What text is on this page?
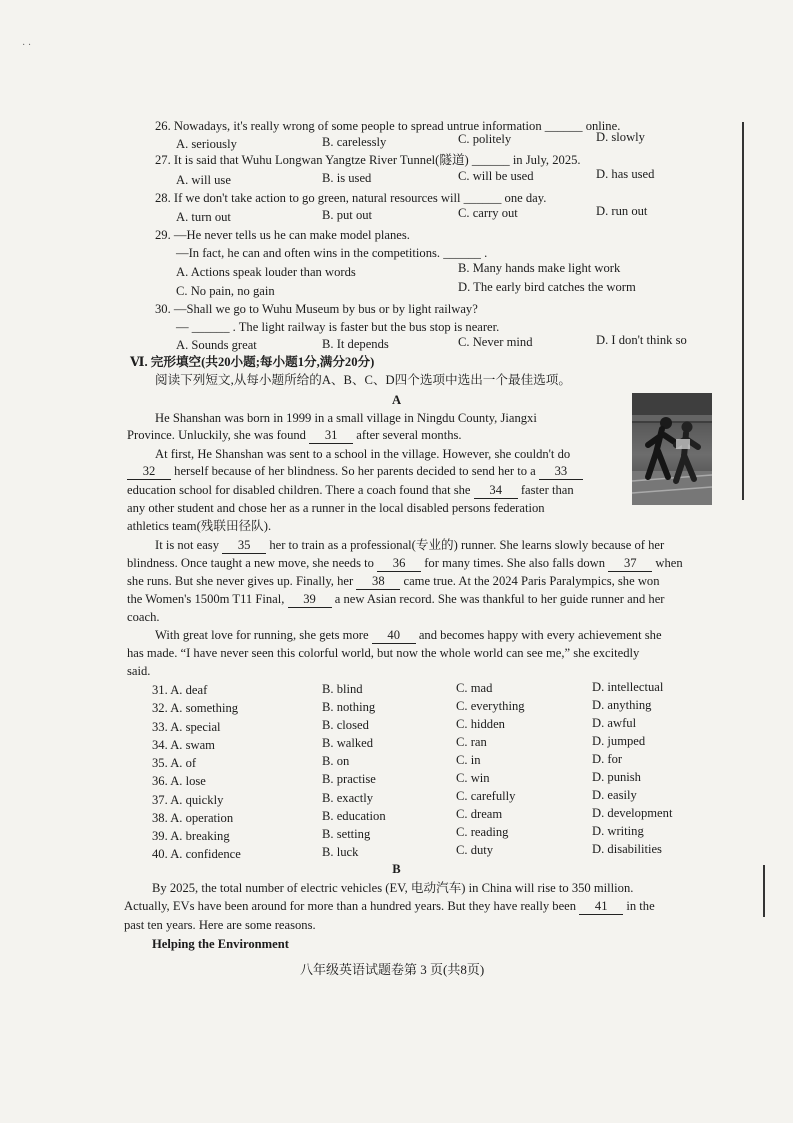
· ·
26. Nowadays, it's really wrong of some people to spread untrue information ______ online.
A. seriously	B. carelessly	C. politely	D. slowly
27. It is said that Wuhu Longwan Yangtze River Tunnel(隧道) ______ in July, 2025.
A. will use	B. is used	C. will be used	D. has used
28. If we don't take action to go green, natural resources will ______ one day.
A. turn out	B. put out	C. carry out	D. run out
29. —He never tells us he can make model planes.
—In fact, he can and often wins in the competitions. ______ .
A. Actions speak louder than words	B. Many hands make light work
C. No pain, no gain	D. The early bird catches the worm
30. —Shall we go to Wuhu Museum by bus or by light railway?
— ______ . The light railway is faster but the bus stop is nearer.
A. Sounds great	B. It depends	C. Never mind	D. I don't think so
Ⅵ. 完形填空(共20小题;每小题1分,满分20分)
阅读下列短文,从每小题所给的A、B、C、D四个选项中选出一个最佳选项。
A
He Shanshan was born in 1999 in a small village in Ningdu County, Jiangxi
Province. Unluckily, she was found 31 after several months.
At first, He Shanshan was sent to a school in the village. However, she couldn't do
32 herself because of her blindness. So her parents decided to send her to a 33
education school for disabled children. There a coach found that she 34 faster than
any other student and chose her as a runner in the local disabled persons federation
athletics team(残联田径队).
It is not easy 35 her to train as a professional(专业的) runner. She learns slowly because of her
blindness. Once taught a new move, she needs to 36 for many times. She also falls down 37 when
she runs. But she never gives up. Finally, her 38 came true. At the 2024 Paris Paralympics, she won
the Women's 1500m T11 Final, 39 a new Asian record. She was thankful to her guide runner and her
coach.
With great love for running, she gets more 40 and becomes happy with every achievement she
has made. “I have never seen this colorful world, but now the whole world can see me,” she excitedly
said.
31. A. deaf	B. blind	C. mad	D. intellectual
32. A. something	B. nothing	C. everything	D. anything
33. A. special	B. closed	C. hidden	D. awful
34. A. swam	B. walked	C. ran	D. jumped
35. A. of	B. on	C. in	D. for
36. A. lose	B. practise	C. win	D. punish
37. A. quickly	B. exactly	C. carefully	D. easily
38. A. operation	B. education	C. dream	D. development
39. A. breaking	B. setting	C. reading	D. writing
40. A. confidence	B. luck	C. duty	D. disabilities
B
By 2025, the total number of electric vehicles (EV, 电动汽车) in China will rise to 350 million.
Actually, EVs have been around for more than a hundred years. But they have really been 41 in the
past ten years. Here are some reasons.
Helping the Environment
八年级英语试题卷第 3 页(共8页)
